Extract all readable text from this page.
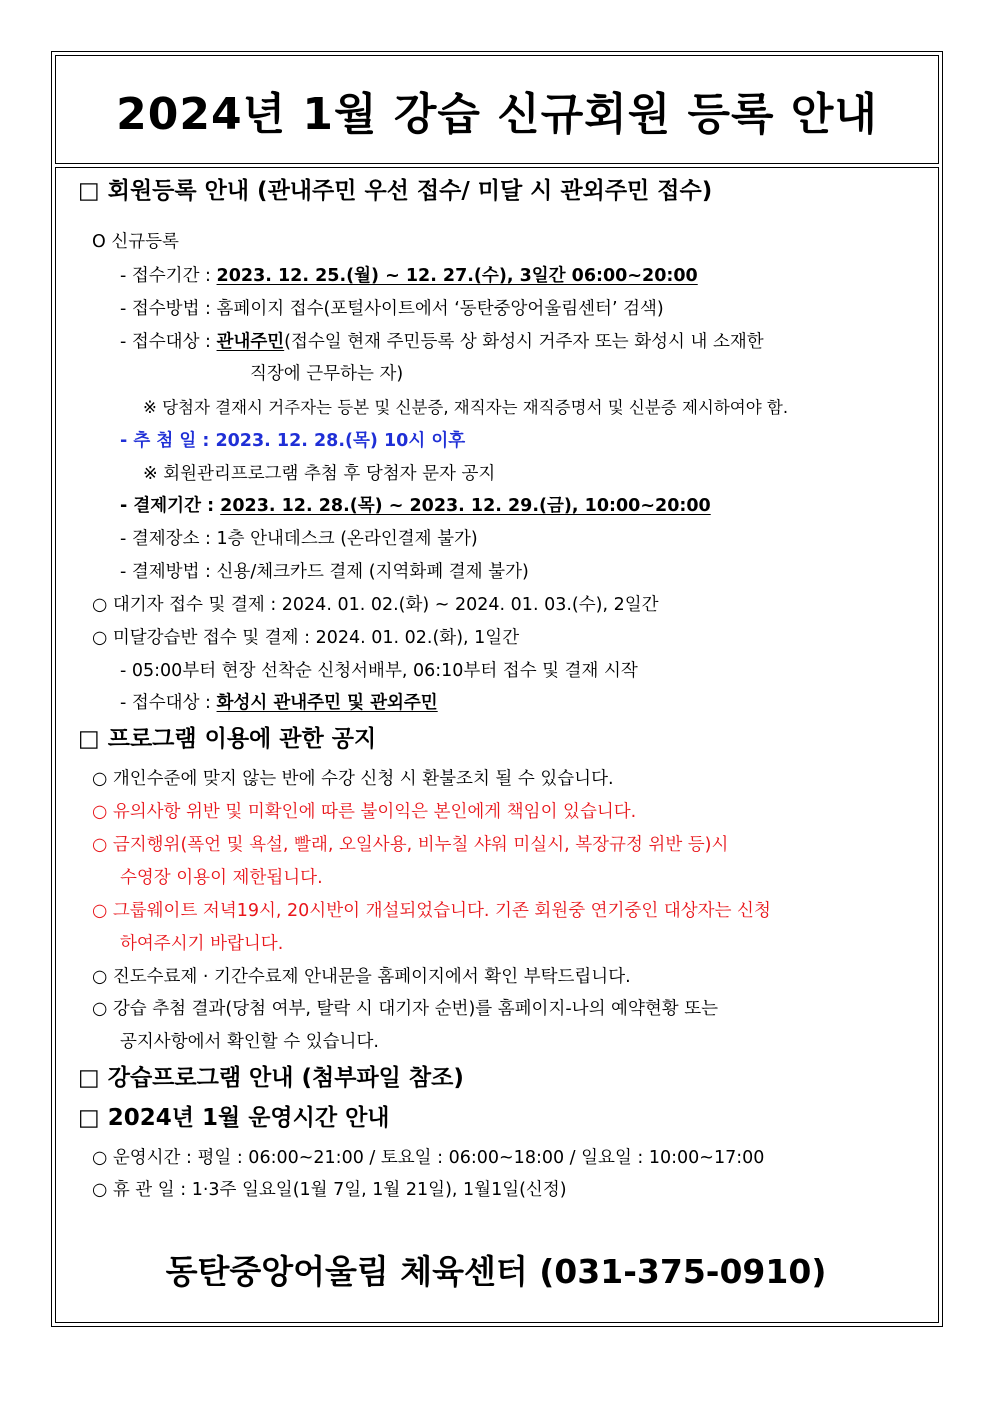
2024년 1월 강습 신규회원 등록 안내
□ 회원등록 안내 (관내주민 우선 접수/ 미달 시 관외주민 접수)
O 신규등록
- 접수기간 : 2023. 12. 25.(월) ~ 12. 27.(수), 3일간 06:00~20:00
- 접수방법 : 홈페이지 접수(포털사이트에서 ‘동탄중앙어울림센터’ 검색)
- 접수대상 : 관내주민(접수일 현재 주민등록 상 화성시 거주자 또는 화성시 내 소재한
직장에 근무하는 자)
※ 당첨자 결재시 거주자는 등본 및 신분증, 재직자는 재직증명서 및 신분증 제시하여야 함.
- 추 첨 일 : 2023. 12. 28.(목) 10시 이후
※ 회원관리프로그램 추첨 후 당첨자 문자 공지
- 결제기간 : 2023. 12. 28.(목) ~ 2023. 12. 29.(금), 10:00~20:00
- 결제장소 : 1층 안내데스크 (온라인결제 불가)
- 결제방법 : 신용/체크카드 결제 (지역화폐 결제 불가)
○ 대기자 접수 및 결제 : 2024. 01. 02.(화) ~ 2024. 01. 03.(수), 2일간
○ 미달강습반 접수 및 결제 : 2024. 01. 02.(화), 1일간
- 05:00부터 현장 선착순 신청서배부, 06:10부터 접수 및 결재 시작
- 접수대상 : 화성시 관내주민 및 관외주민
□ 프로그램 이용에 관한 공지
○ 개인수준에 맞지 않는 반에 수강 신청 시 환불조치 될 수 있습니다.
○ 유의사항 위반 및 미확인에 따른 불이익은 본인에게 책임이 있습니다.
○ 금지행위(폭언 및 욕설, 빨래, 오일사용, 비누칠 샤워 미실시, 복장규정 위반 등)시
수영장 이용이 제한됩니다.
○ 그룹웨이트 저녁19시, 20시반이 개설되었습니다. 기존 회원중 연기중인 대상자는 신청
하여주시기 바랍니다.
○ 진도수료제 · 기간수료제 안내문을 홈페이지에서 확인 부탁드립니다.
○ 강습 추첨 결과(당첨 여부, 탈락 시 대기자 순번)를 홈페이지-나의 예약현황 또는
공지사항에서 확인할 수 있습니다.
□ 강습프로그램 안내 (첨부파일 참조)
□ 2024년 1월 운영시간 안내
○ 운영시간 : 평일 : 06:00~21:00 / 토요일 : 06:00~18:00 / 일요일 : 10:00~17:00
○ 휴 관 일 : 1·3주 일요일(1월 7일, 1월 21일), 1월1일(신정)
동탄중앙어울림 체육센터 (031-375-0910)
